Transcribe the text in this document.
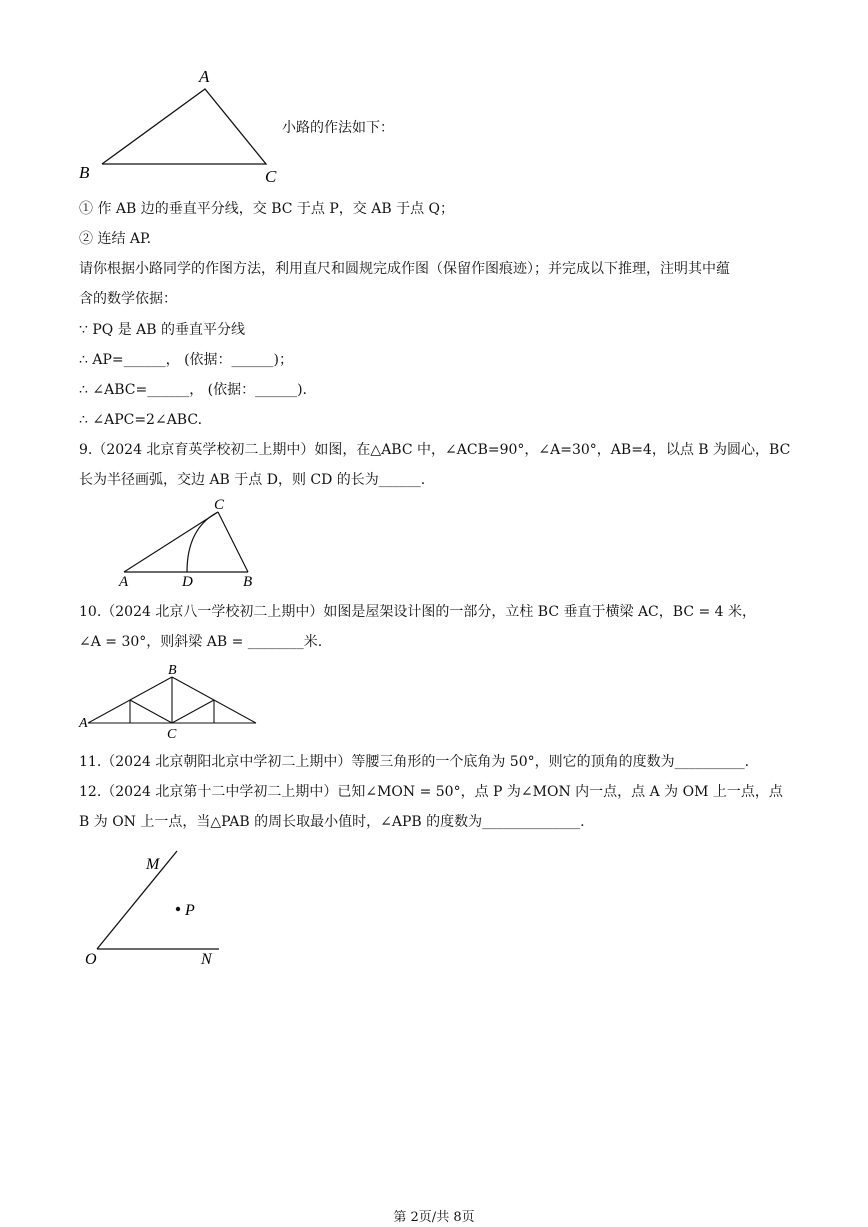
A
B	C
小路的作法如下：
① 作 AB 边的垂直平分线，交 BC 于点 P，交 AB 于点 Q；
② 连结 AP.
请你根据小路同学的作图方法，利用直尺和圆规完成作图（保留作图痕迹）；并完成以下推理，注明其中蕴
含的数学依据：
∵ PQ 是 AB 的垂直平分线
∴ AP=______， (依据：______)；
∴ ∠ABC=______， (依据：______).
∴ ∠APC=2∠ABC.
9.（2024 北京育英学校初二上期中）如图，在△ABC 中，∠ACB=90°，∠A=30°，AB=4，以点 B 为圆心，BC
长为半径画弧，交边 AB 于点 D，则 CD 的长为______.
C
A	D	B
10.（2024 北京八一学校初二上期中）如图是屋架设计图的一部分，立柱 BC 垂直于横梁 AC，BC = 4 米，
∠A = 30°，则斜梁 AB = ________米.
B
A
C
11.（2024 北京朝阳北京中学初二上期中）等腰三角形的一个底角为 50°，则它的顶角的度数为__________.
12.（2024 北京第十二中学初二上期中）已知∠MON = 50°，点 P 为∠MON 内一点，点 A 为 OM 上一点，点
B 为 ON 上一点，当△PAB 的周长取最小值时，∠APB 的度数为______________.
M
P
O	N
第 2页/共 8页
